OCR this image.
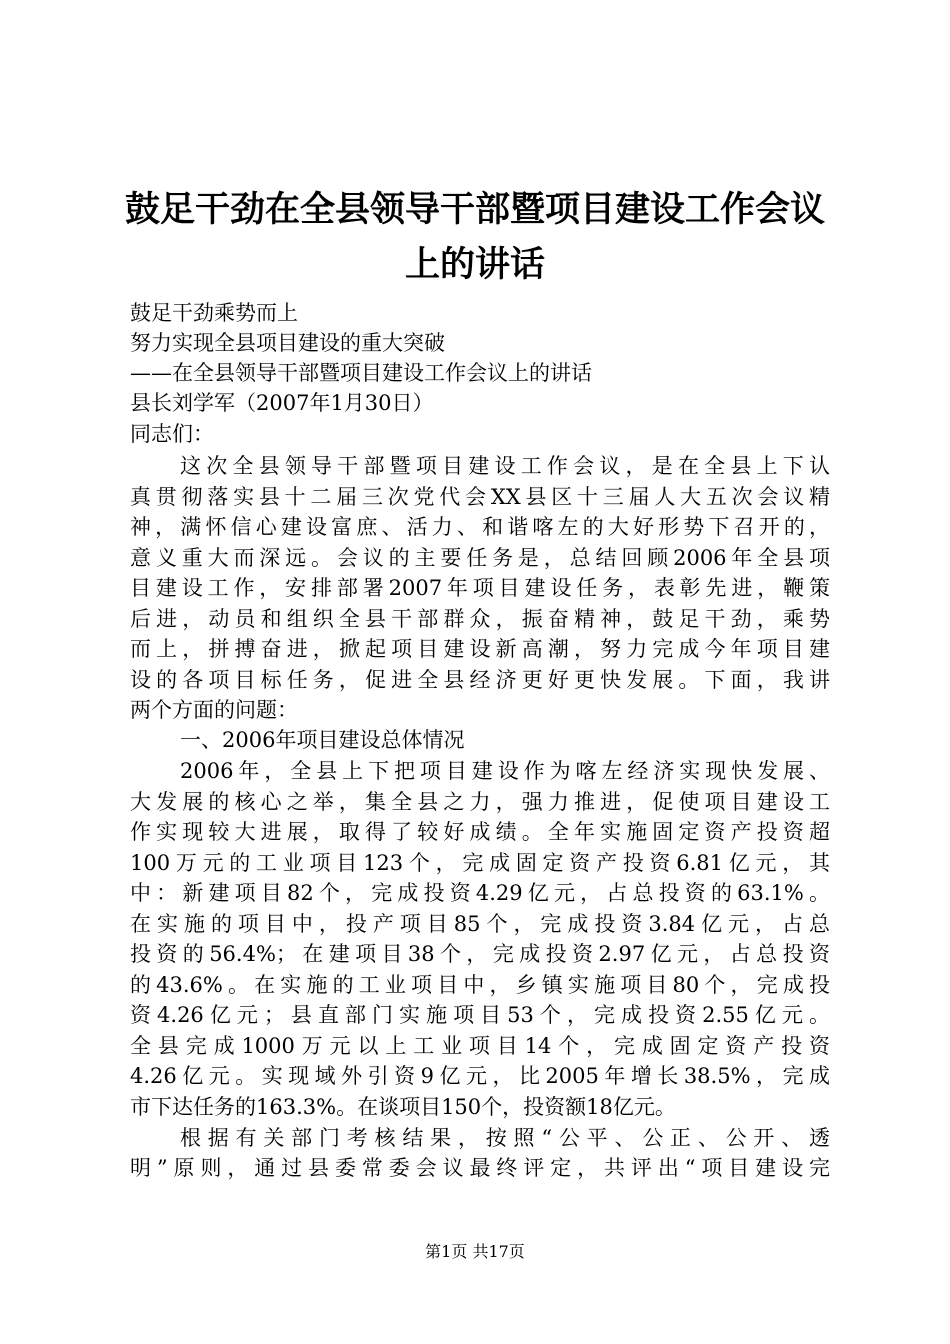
鼓足干劲在全县领导干部暨项目建设工作会议
上的讲话
鼓足干劲乘势而上
努力实现全县项目建设的重大突破
——在全县领导干部暨项目建设工作会议上的讲话
县长刘学军（2007年1月30日）
同志们：
这次全县领导干部暨项目建设工作会议，是在全县上下认
真贯彻落实县十二届三次党代会XX县区十三届人大五次会议精
神，满怀信心建设富庶、活力、和谐喀左的大好形势下召开的，
意义重大而深远。会议的主要任务是，总结回顾2006年全县项
目建设工作，安排部署2007年项目建设任务，表彰先进，鞭策
后进，动员和组织全县干部群众，振奋精神，鼓足干劲，乘势
而上，拼搏奋进，掀起项目建设新高潮，努力完成今年项目建
设的各项目标任务，促进全县经济更好更快发展。下面，我讲
两个方面的问题：
一、2006年项目建设总体情况
2006年，全县上下把项目建设作为喀左经济实现快发展、
大发展的核心之举，集全县之力，强力推进，促使项目建设工
作实现较大进展，取得了较好成绩。全年实施固定资产投资超
100万元的工业项目123个，完成固定资产投资6.81亿元，其
中：新建项目82个，完成投资4.29亿元，占总投资的63.1%。
在实施的项目中，投产项目85个，完成投资3.84亿元，占总
投资的56.4%；在建项目38个，完成投资2.97亿元，占总投资
的43.6%。在实施的工业项目中，乡镇实施项目80个，完成投
资4.26亿元；县直部门实施项目53个，完成投资2.55亿元。
全县完成1000万元以上工业项目14个，完成固定资产投资
4.26亿元。实现域外引资9亿元，比2005年增长38.5%，完成
市下达任务的163.3%。在谈项目150个，投资额18亿元。
根据有关部门考核结果，按照“公平、公正、公开、透
明”原则，通过县委常委会议最终评定，共评出“项目建设完
第1页 共17页
